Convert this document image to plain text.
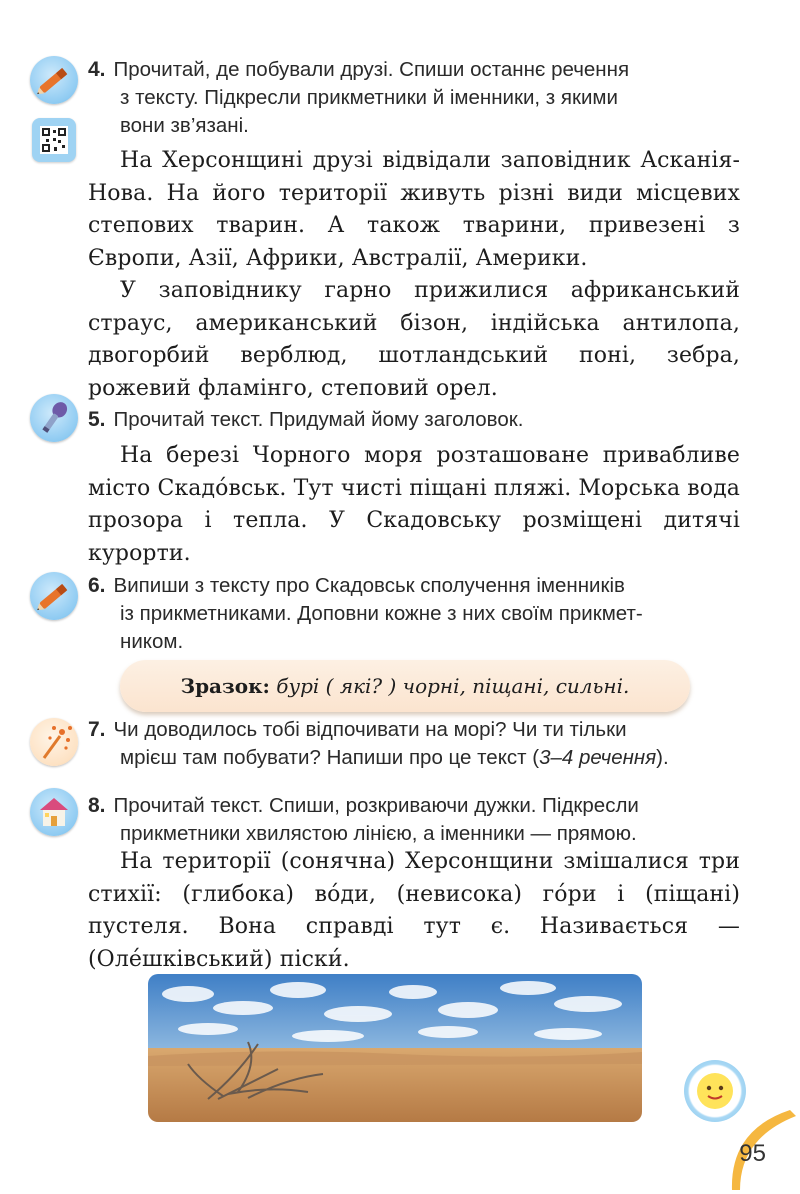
4. Прочитай, де побували друзі. Спиши останнє речення
з тексту. Підкресли прикметники й іменники, з якими
вони зв’язані.

На Херсонщині друзі відвідали заповідник Асканія-Нова. На його території живуть різні види місцевих степових тварин. А також тварини, привезені з Європи, Азії, Африки, Австралії, Америки.

У заповіднику гарно прижилися африканський страус, американський бізон, індійська антилопа, двогорбий верблюд, шотландський поні, зебра, рожевий фламінго, степовий орел.

5. Прочитай текст. Придумай йому заголовок.

На березі Чорного моря розташоване привабливе місто Скадо́вськ. Тут чисті піщані пляжі. Морська вода прозора і тепла. У Скадовську розміщені дитячі курорти.

6. Випиши з тексту про Скадовськ сполучення іменників
із прикметниками. Доповни кожне з них своїм прикмет-
ником.

Зразок: бурі ( які? ) чорні, піщані, сильні.

7. Чи доводилось тобі відпочивати на морі? Чи ти тільки
мрієш там побувати? Напиши про це текст (3–4 речення).

8. Прочитай текст. Спиши, розкриваючи дужки. Підкресли
прикметники хвилястою лінією, а іменники — прямою.

На території (сонячна) Херсонщини змішалися три стихії: (глибока) во́ди, (невисока) го́ри і (піщані) пустеля. Вона справді тут є. Називається — (Оле́шківський) піски́.

95
